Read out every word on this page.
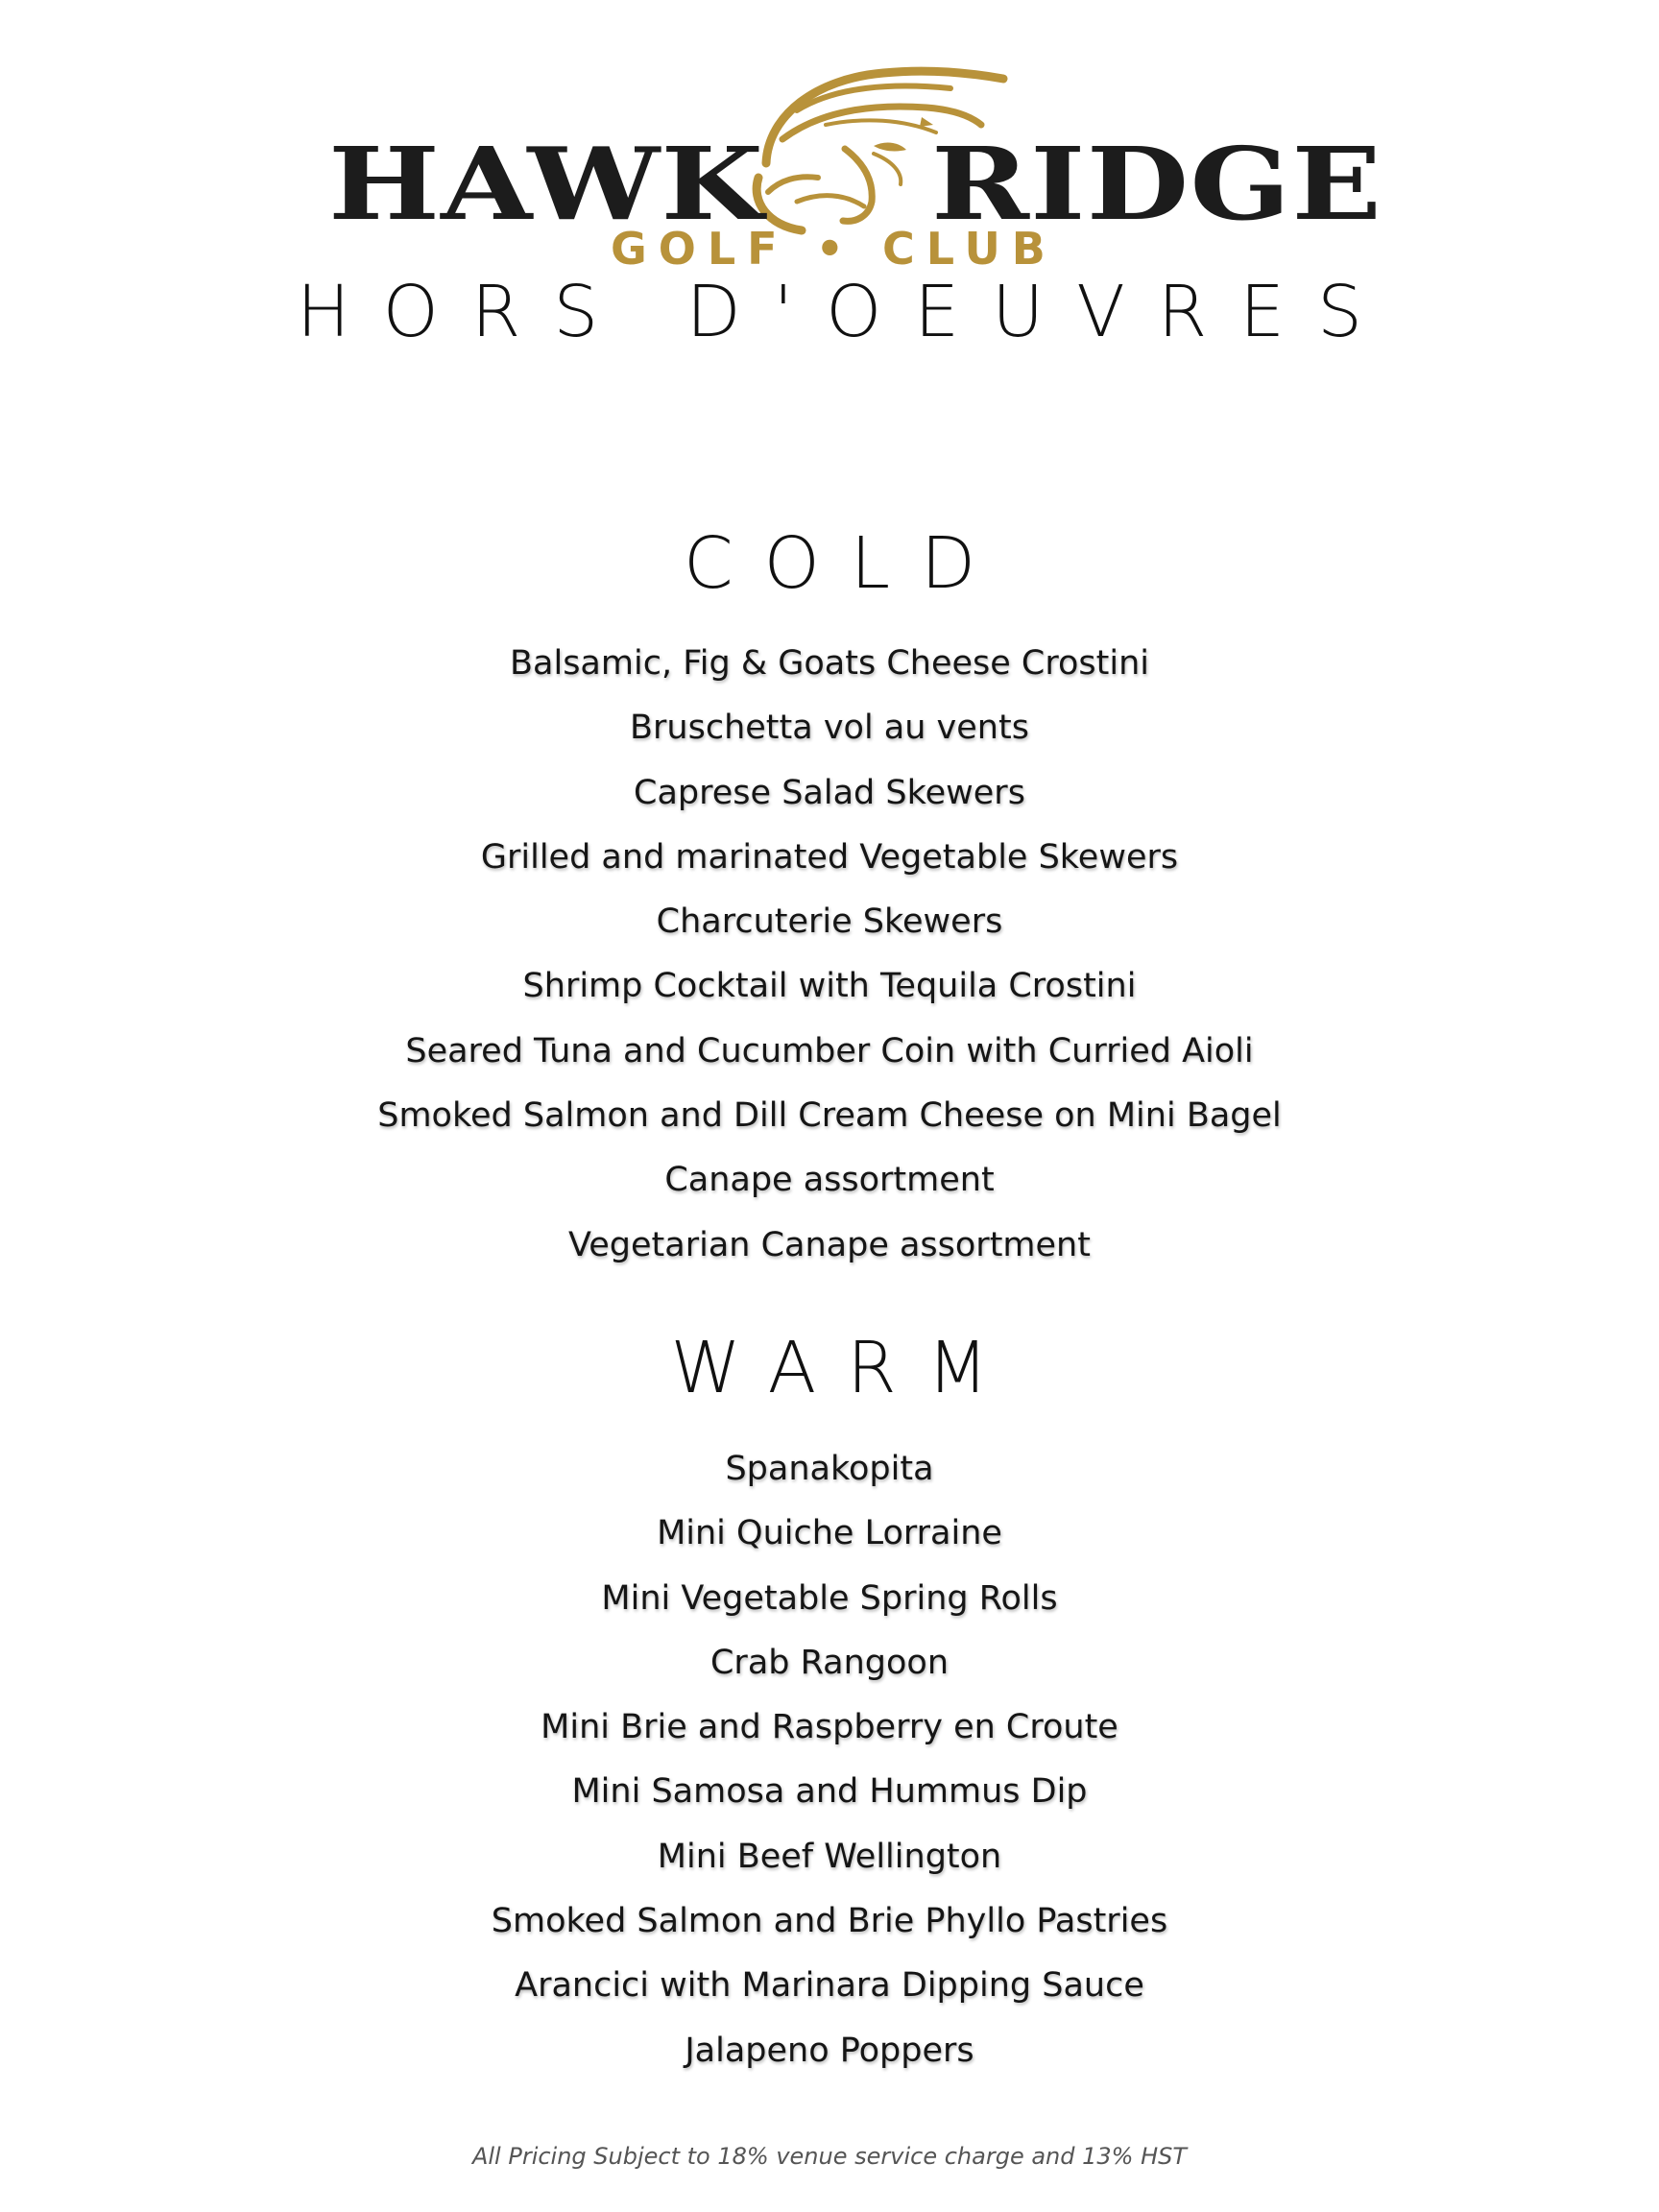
HAWK RIDGE
GOLF • CLUB
HORS D'OEUVRES
COLD
Balsamic, Fig & Goats Cheese Crostini
Bruschetta vol au vents
Caprese Salad Skewers
Grilled and marinated Vegetable Skewers
Charcuterie Skewers
Shrimp Cocktail with Tequila Crostini
Seared Tuna and Cucumber Coin with Curried Aioli
Smoked Salmon and Dill Cream Cheese on Mini Bagel
Canape assortment
Vegetarian Canape assortment
WARM
Spanakopita
Mini Quiche Lorraine
Mini Vegetable Spring Rolls
Crab Rangoon
Mini Brie and Raspberry en Croute
Mini Samosa and Hummus Dip
Mini Beef Wellington
Smoked Salmon and Brie Phyllo Pastries
Arancici with Marinara Dipping Sauce
Jalapeno Poppers
All Pricing Subject to 18% venue service charge and 13% HST
